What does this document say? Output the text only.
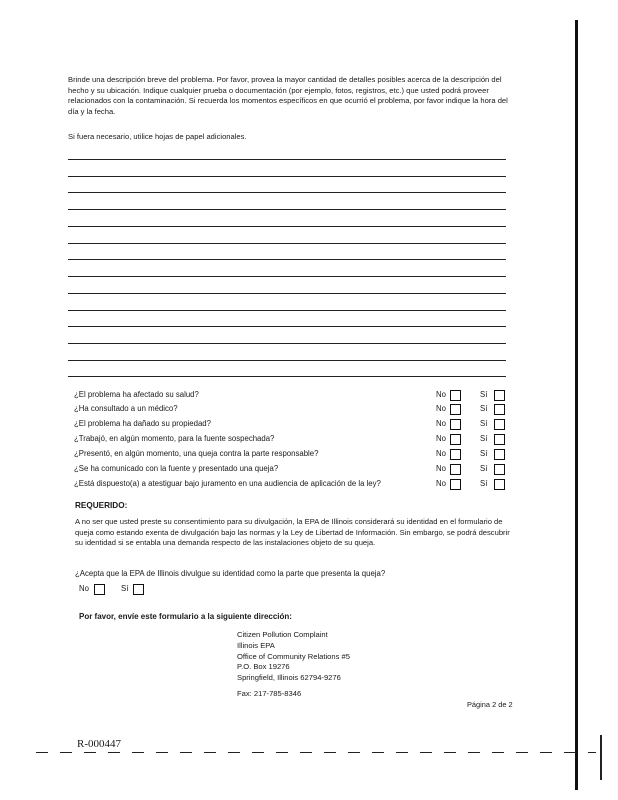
Brinde una descripción breve del problema. Por favor, provea la mayor cantidad de detalles posibles acerca de la descripción del hecho y su ubicación. Indique cualquier prueba o documentación (por ejemplo, fotos, registros, etc.) que usted podrá proveer relacionados con la contaminación. Si recuerda los momentos específicos en que ocurrió el problema, por favor indique la hora del día y la fecha.
Si fuera necesario, utilice hojas de papel adicionales.
¿El problema ha afectado su salud?	No	Sí
¿Ha consultado a un médico?	No	Sí
¿El problema ha dañado su propiedad?	No	Sí
¿Trabajó, en algún momento, para la fuente sospechada?	No	Sí
¿Presentó, en algún momento, una queja contra la parte responsable?	No	Sí
¿Se ha comunicado con la fuente y presentado una queja?	No	Sí
¿Está dispuesto(a) a atestiguar bajo juramento en una audiencia de aplicación de la ley?	No	Sí
REQUERIDO:
A no ser que usted preste su consentimiento para su divulgación, la EPA de Illinois considerará su identidad en el formulario de queja como estando exenta de divulgación bajo las normas y la Ley de Libertad de Información. Sin embargo, se podrá descubrir su identidad si se entabla una demanda respecto de las instalaciones objeto de su queja.
¿Acepta que la EPA de Illinois divulgue su identidad como la parte que presenta la queja?
No	Sí
Por favor, envíe este formulario a la siguiente dirección:
Citizen Pollution Complaint
Illinois EPA
Office of Community Relations #5
P.O. Box 19276
Springfield, Illinois 62794-9276
Fax: 217-785-8346
Página 2 de 2
R-000447
